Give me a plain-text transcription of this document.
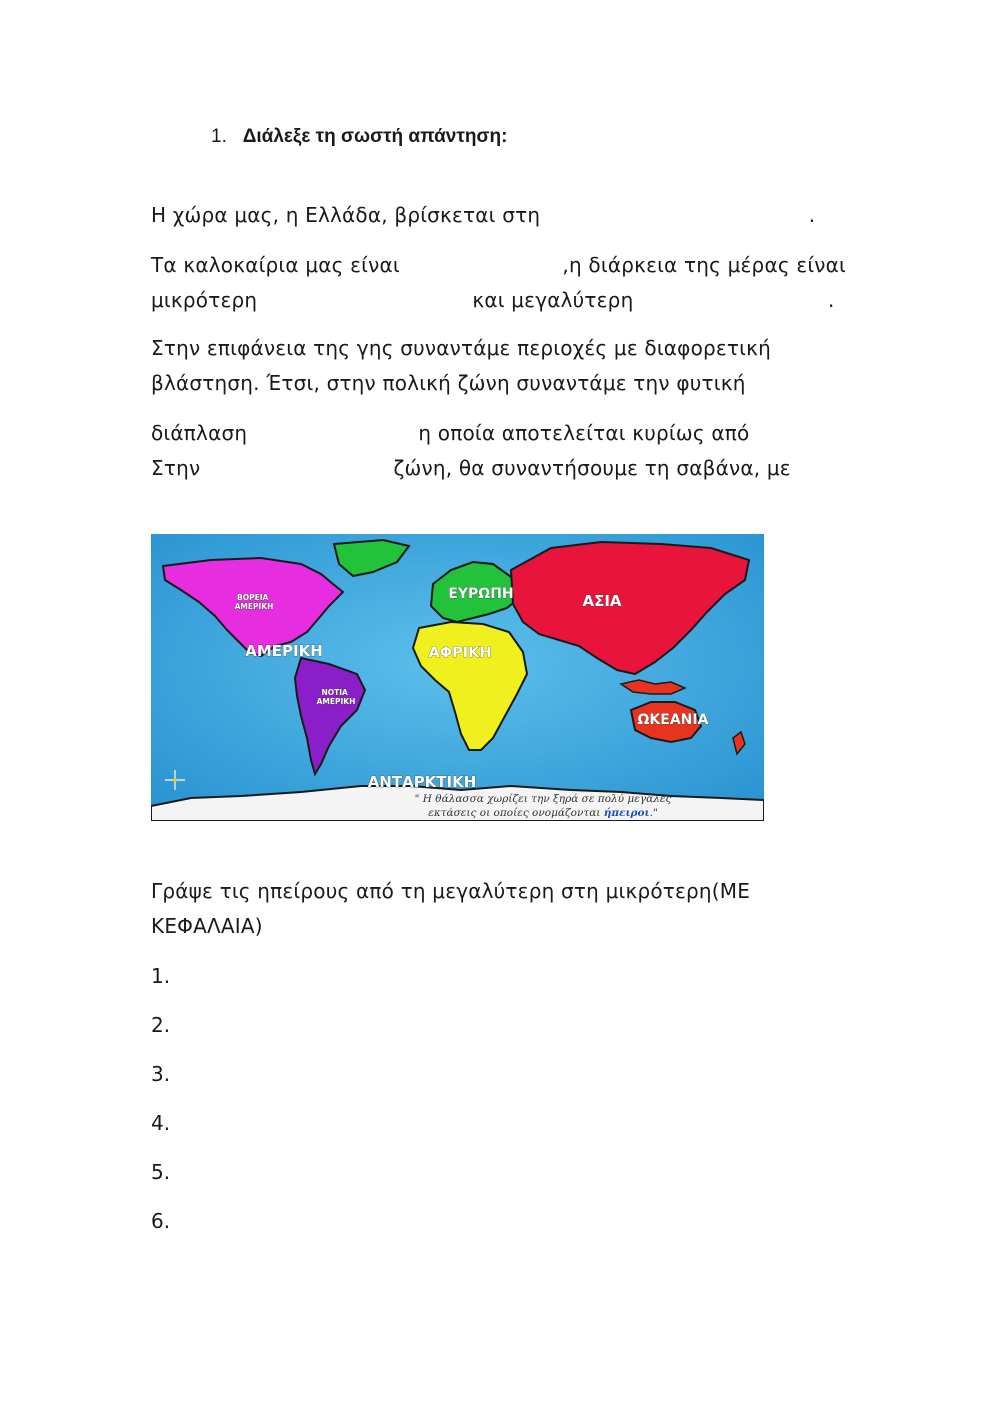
1. Διάλεξε τη σωστή απάντηση:
Η χώρα μας, η Ελλάδα, βρίσκεται στη	.
Τα καλοκαίρια μας είναι	,η διάρκεια της μέρας είναι
μικρότερη	και μεγαλύτερη	.
Στην επιφάνεια της γης συναντάμε περιοχές με διαφορετική
βλάστηση. Έτσι, στην πολική ζώνη συναντάμε την φυτική
διάπλαση	η οποία αποτελείται κυρίως από
Στην	ζώνη, θα συναντήσουμε τη σαβάνα, με
ΒΟΡΕΙΑ ΑΜΕΡΙΚΗ
ΑΜΕΡΙΚΗ
ΝΟΤΙΑ ΑΜΕΡΙΚΗ
ΕΥΡΩΠΗ	ΑΣΙΑ
ΑΦΡΙΚΗ
ΩΚΕΑΝΙΑ
ΑΝΤΑΡΚΤΙΚΗ
" Η θάλασσα χωρίζει την ξηρά σε πολύ μεγάλες
εκτάσεις οι οποίες ονομάζονται ήπειροι."
Γράψε τις ηπείρους από τη μεγαλύτερη στη μικρότερη(ΜΕ
ΚΕΦΑΛΑΙΑ)
1.
2.
3.
4.
5.
6.
